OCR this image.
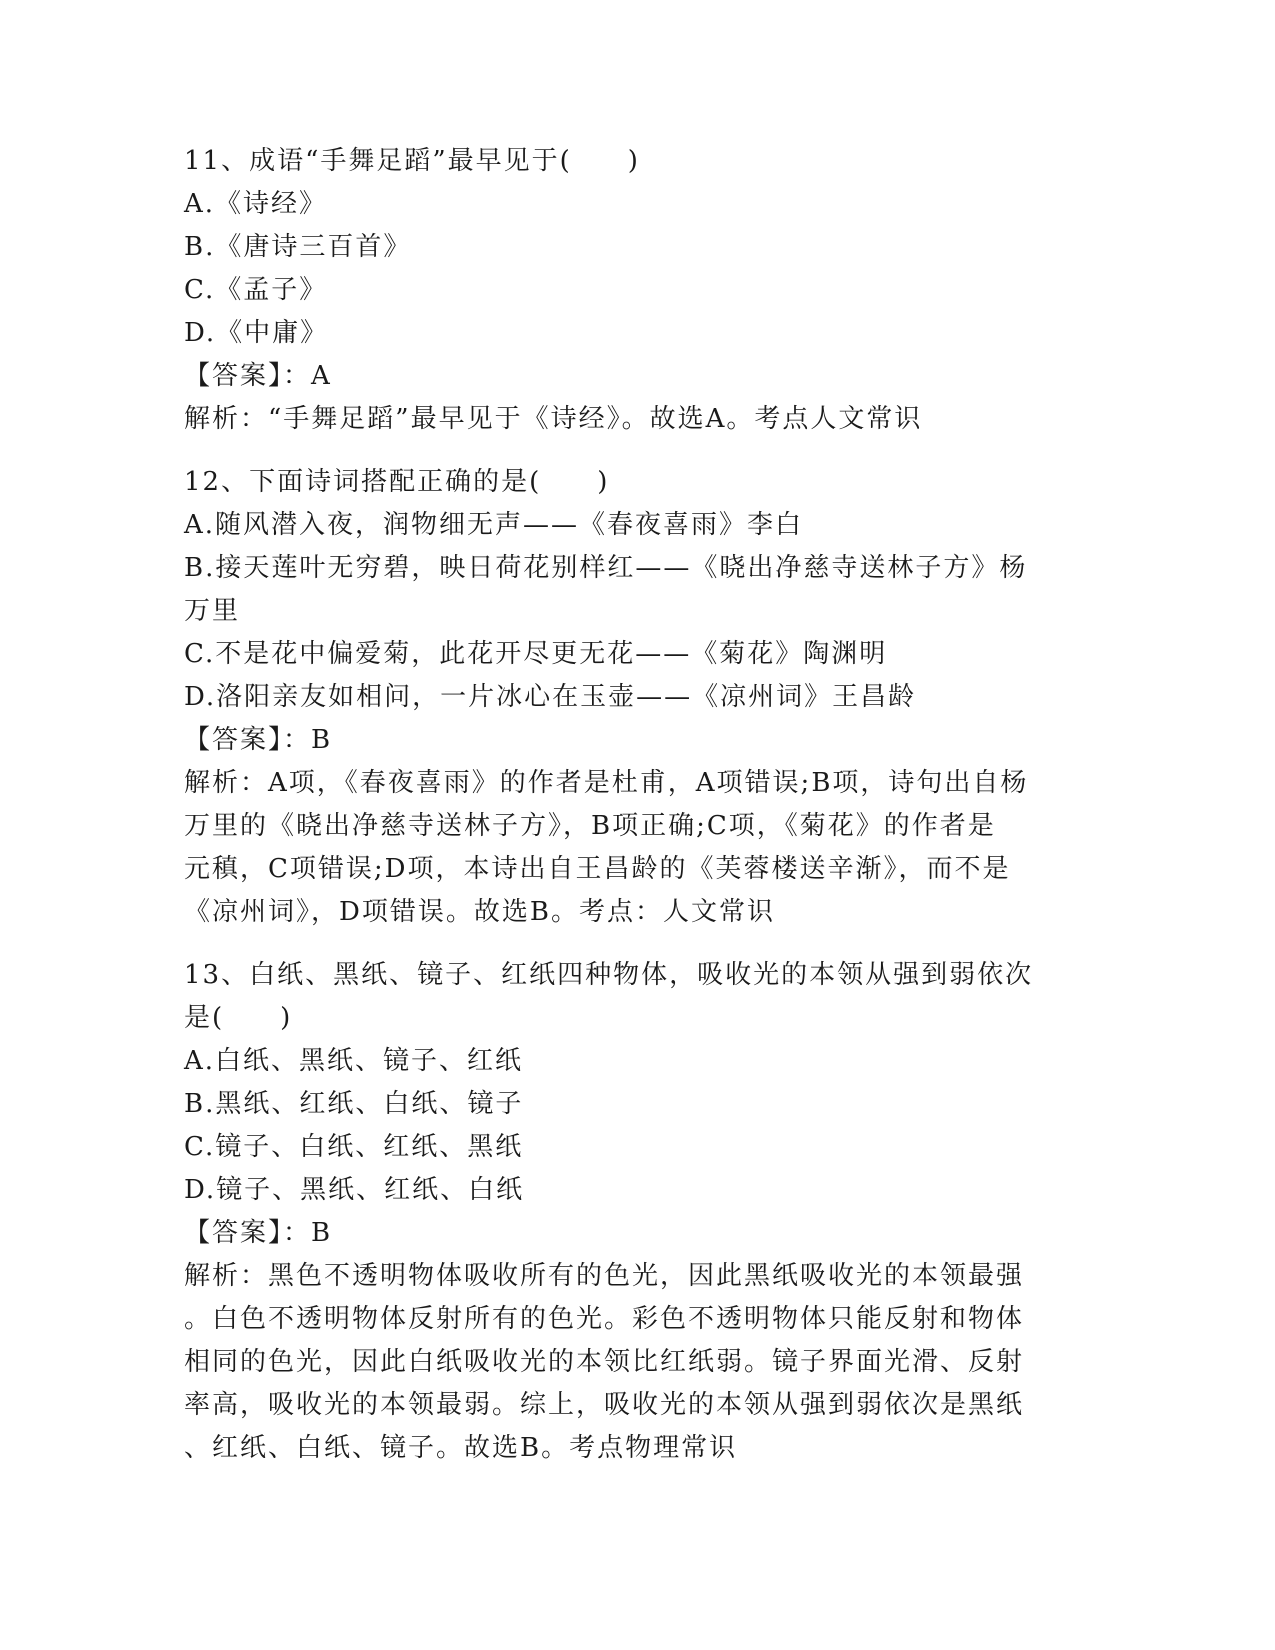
11、成语“手舞足蹈”最早见于(　　)
A.《诗经》
B.《唐诗三百首》
C.《孟子》
D.《中庸》
【答案】：A
解析：“手舞足蹈”最早见于《诗经》。故选A。考点人文常识
12、下面诗词搭配正确的是(　　)
A.随风潜入夜，润物细无声——《春夜喜雨》李白
B.接天莲叶无穷碧，映日荷花别样红——《晓出净慈寺送林子方》杨
万里
C.不是花中偏爱菊，此花开尽更无花——《菊花》陶渊明
D.洛阳亲友如相问，一片冰心在玉壶——《凉州词》王昌龄
【答案】：B
解析：A项，《春夜喜雨》的作者是杜甫，A项错误;B项，诗句出自杨
万里的《晓出净慈寺送林子方》，B项正确;C项，《菊花》的作者是
元稹，C项错误;D项，本诗出自王昌龄的《芙蓉楼送辛渐》，而不是
《凉州词》，D项错误。故选B。考点：人文常识
13、白纸、黑纸、镜子、红纸四种物体，吸收光的本领从强到弱依次
是(　　)
A.白纸、黑纸、镜子、红纸
B.黑纸、红纸、白纸、镜子
C.镜子、白纸、红纸、黑纸
D.镜子、黑纸、红纸、白纸
【答案】：B
解析：黑色不透明物体吸收所有的色光，因此黑纸吸收光的本领最强
。白色不透明物体反射所有的色光。彩色不透明物体只能反射和物体
相同的色光，因此白纸吸收光的本领比红纸弱。镜子界面光滑、反射
率高，吸收光的本领最弱。综上，吸收光的本领从强到弱依次是黑纸
、红纸、白纸、镜子。故选B。考点物理常识
